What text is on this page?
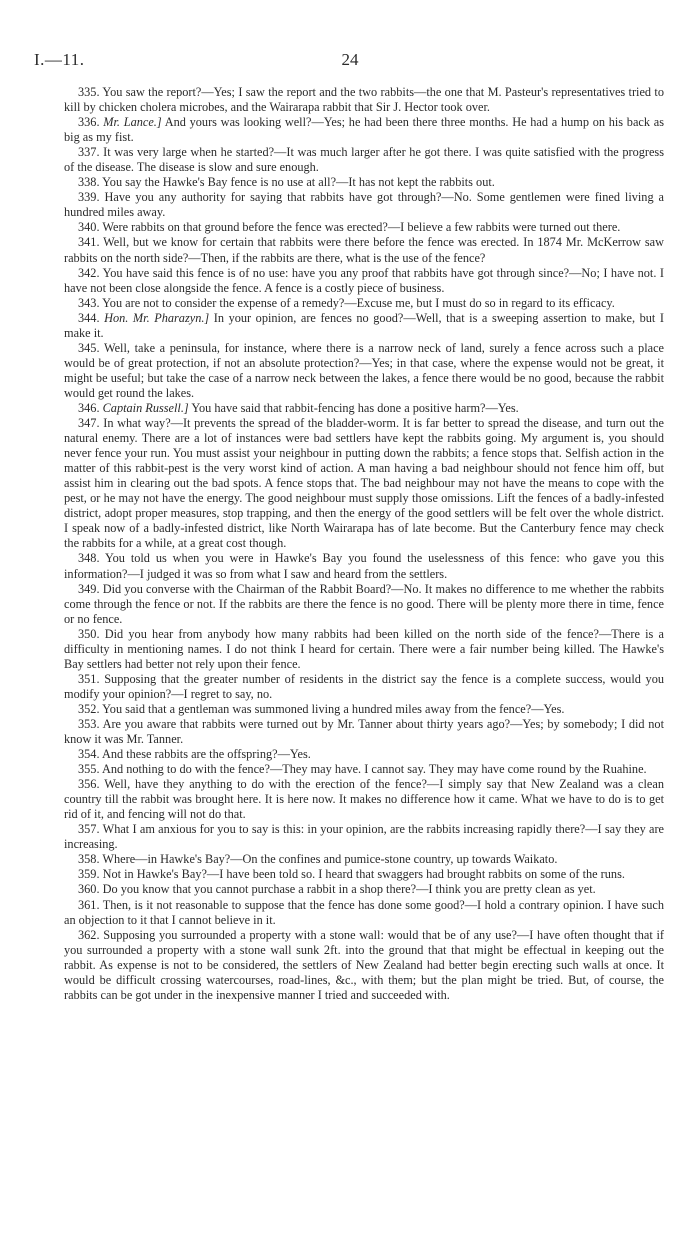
I.—11.	24

335. You saw the report?—Yes; I saw the report and the two rabbits—the one that M. Pasteur's representatives tried to kill by chicken cholera microbes, and the Wairarapa rabbit that Sir J. Hector took over.

336. Mr. Lance.] And yours was looking well?—Yes; he had been there three months. He had a hump on his back as big as my fist.

337. It was very large when he started?—It was much larger after he got there. I was quite satisfied with the progress of the disease. The disease is slow and sure enough.

338. You say the Hawke's Bay fence is no use at all?—It has not kept the rabbits out.

339. Have you any authority for saying that rabbits have got through?—No. Some gentlemen were fined living a hundred miles away.

340. Were rabbits on that ground before the fence was erected?—I believe a few rabbits were turned out there.

341. Well, but we know for certain that rabbits were there before the fence was erected. In 1874 Mr. McKerrow saw rabbits on the north side?—Then, if the rabbits are there, what is the use of the fence?

342. You have said this fence is of no use: have you any proof that rabbits have got through since?—No; I have not. I have not been close alongside the fence. A fence is a costly piece of business.

343. You are not to consider the expense of a remedy?—Excuse me, but I must do so in regard to its efficacy.

344. Hon. Mr. Pharazyn.] In your opinion, are fences no good?—Well, that is a sweeping assertion to make, but I make it.

345. Well, take a peninsula, for instance, where there is a narrow neck of land, surely a fence across such a place would be of great protection, if not an absolute protection?—Yes; in that case, where the expense would not be great, it might be useful; but take the case of a narrow neck between the lakes, a fence there would be no good, because the rabbit would get round the lakes.

346. Captain Russell.] You have said that rabbit-fencing has done a positive harm?—Yes.

347. In what way?—It prevents the spread of the bladder-worm. It is far better to spread the disease, and turn out the natural enemy. There are a lot of instances were bad settlers have kept the rabbits going. My argument is, you should never fence your run. You must assist your neighbour in putting down the rabbits; a fence stops that. Selfish action in the matter of this rabbit-pest is the very worst kind of action. A man having a bad neighbour should not fence him off, but assist him in clearing out the bad spots. A fence stops that. The bad neighbour may not have the means to cope with the pest, or he may not have the energy. The good neighbour must supply those omissions. Lift the fences of a badly-infested district, adopt proper measures, stop trapping, and then the energy of the good settlers will be felt over the whole district. I speak now of a badly-infested district, like North Wairarapa has of late become. But the Canterbury fence may check the rabbits for a while, at a great cost though.

348. You told us when you were in Hawke's Bay you found the uselessness of this fence: who gave you this information?—I judged it was so from what I saw and heard from the settlers.

349. Did you converse with the Chairman of the Rabbit Board?—No. It makes no difference to me whether the rabbits come through the fence or not. If the rabbits are there the fence is no good. There will be plenty more there in time, fence or no fence.

350. Did you hear from anybody how many rabbits had been killed on the north side of the fence?—There is a difficulty in mentioning names. I do not think I heard for certain. There were a fair number being killed. The Hawke's Bay settlers had better not rely upon their fence.

351. Supposing that the greater number of residents in the district say the fence is a complete success, would you modify your opinion?—I regret to say, no.

352. You said that a gentleman was summoned living a hundred miles away from the fence?—Yes.

353. Are you aware that rabbits were turned out by Mr. Tanner about thirty years ago?—Yes; by somebody; I did not know it was Mr. Tanner.

354. And these rabbits are the offspring?—Yes.

355. And nothing to do with the fence?—They may have. I cannot say. They may have come round by the Ruahine.

356. Well, have they anything to do with the erection of the fence?—I simply say that New Zealand was a clean country till the rabbit was brought here. It is here now. It makes no difference how it came. What we have to do is to get rid of it, and fencing will not do that.

357. What I am anxious for you to say is this: in your opinion, are the rabbits increasing rapidly there?—I say they are increasing.

358. Where—in Hawke's Bay?—On the confines and pumice-stone country, up towards Waikato.

359. Not in Hawke's Bay?—I have been told so. I heard that swaggers had brought rabbits on some of the runs.

360. Do you know that you cannot purchase a rabbit in a shop there?—I think you are pretty clean as yet.

361. Then, is it not reasonable to suppose that the fence has done some good?—I hold a contrary opinion. I have such an objection to it that I cannot believe in it.

362. Supposing you surrounded a property with a stone wall: would that be of any use?—I have often thought that if you surrounded a property with a stone wall sunk 2ft. into the ground that that might be effectual in keeping out the rabbit. As expense is not to be considered, the settlers of New Zealand had better begin erecting such walls at once. It would be difficult crossing watercourses, road-lines, &c., with them; but the plan might be tried. But, of course, the rabbits can be got under in the inexpensive manner I tried and succeeded with.
